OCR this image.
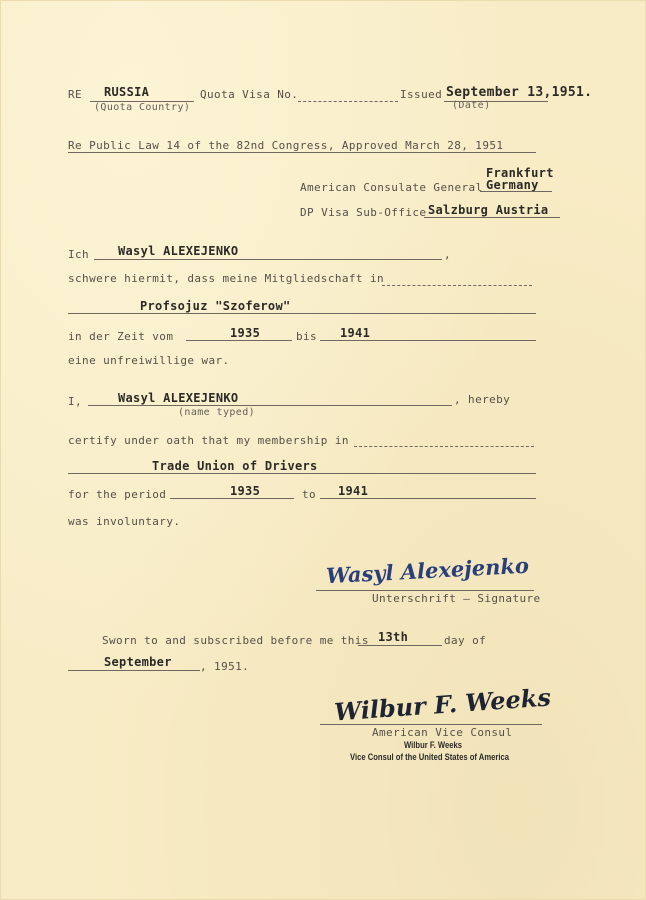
RE RUSSIA
(Quota Country)
Quota Visa No.	Issued September 13,1951.
(Date)
Re Public Law 14 of the 82nd Congress, Approved March 28, 1951
Frankfurt
American Consulate General Germany
DP Visa Sub-Office Salzburg Austria
Ich Wasyl ALEXEJENKO	,
schwere hiermit, dass meine Mitgliedschaft in
Profsojuz "Szoferow"
in der Zeit vom	1935	bis 1941
eine unfreiwillige war.
I,	Wasyl ALEXEJENKO	, hereby
(name typed)
certify under oath that my membership in
Trade Union of Drivers
for the period	1935	to 1941
was involuntary.
Wasyl Alexejenko
Unterschrift – Signature
Sworn to and subscribed before me this 13th	day of
September	, 1951.
Wilbur F. Weeks
American Vice Consul
Wilbur F. Weeks
Vice Consul of the United States of America
